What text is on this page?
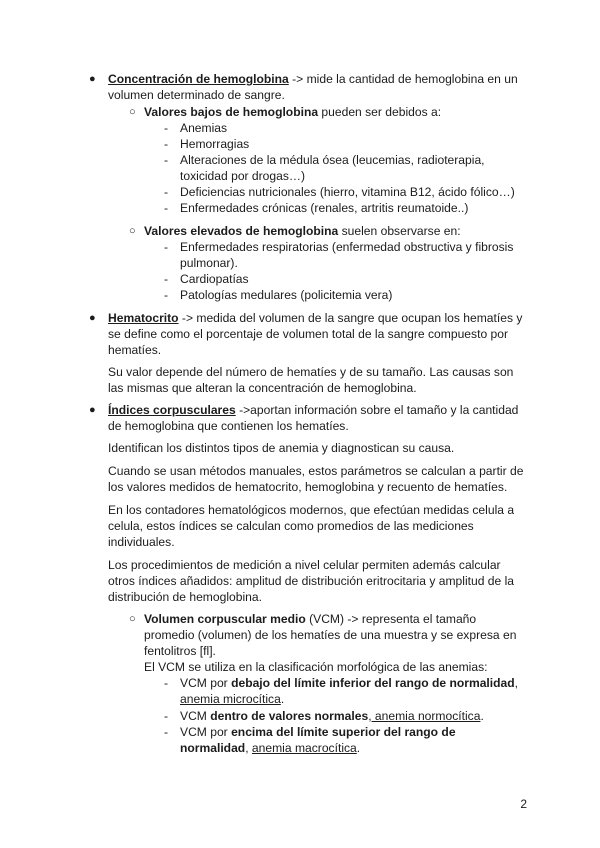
● Concentración de hemoglobina -> mide la cantidad de hemoglobina en un volumen determinado de sangre.
○ Valores bajos de hemoglobina pueden ser debidos a:
- Anemias
- Hemorragias
- Alteraciones de la médula ósea (leucemias, radioterapia, toxicidad por drogas…)
- Deficiencias nutricionales (hierro, vitamina B12, ácido fólico…)
- Enfermedades crónicas (renales, artritis reumatoide..)
○ Valores elevados de hemoglobina suelen observarse en:
- Enfermedades respiratorias (enfermedad obstructiva y fibrosis pulmonar).
- Cardiopatías
- Patologías medulares (policitemia vera)
● Hematocrito -> medida del volumen de la sangre que ocupan los hematíes y se define como el porcentaje de volumen total de la sangre compuesto por hematíes.
Su valor depende del número de hematíes y de su tamaño. Las causas son las mismas que alteran la concentración de hemoglobina.
● Índices corpusculares ->aportan información sobre el tamaño y la cantidad de hemoglobina que contienen los hematíes.
Identifican los distintos tipos de anemia y diagnostican su causa.
Cuando se usan métodos manuales, estos parámetros se calculan a partir de los valores medidos de hematocrito, hemoglobina y recuento de hematíes.
En los contadores hematológicos modernos, que efectúan medidas celula a celula, estos índices se calculan como promedios de las mediciones individuales.
Los procedimientos de medición a nivel celular permiten además calcular otros índices añadidos: amplitud de distribución eritrocitaria y amplitud de la distribución de hemoglobina.
○ Volumen corpuscular medio (VCM) -> representa el tamaño promedio (volumen) de los hematíes de una muestra y se expresa en fentolitros [fl].
El VCM se utiliza en la clasificación morfológica de las anemias:
- VCM por debajo del límite inferior del rango de normalidad, anemia microcítica.
- VCM dentro de valores normales, anemia normocítica.
- VCM por encima del límite superior del rango de normalidad, anemia macrocítica.
2
